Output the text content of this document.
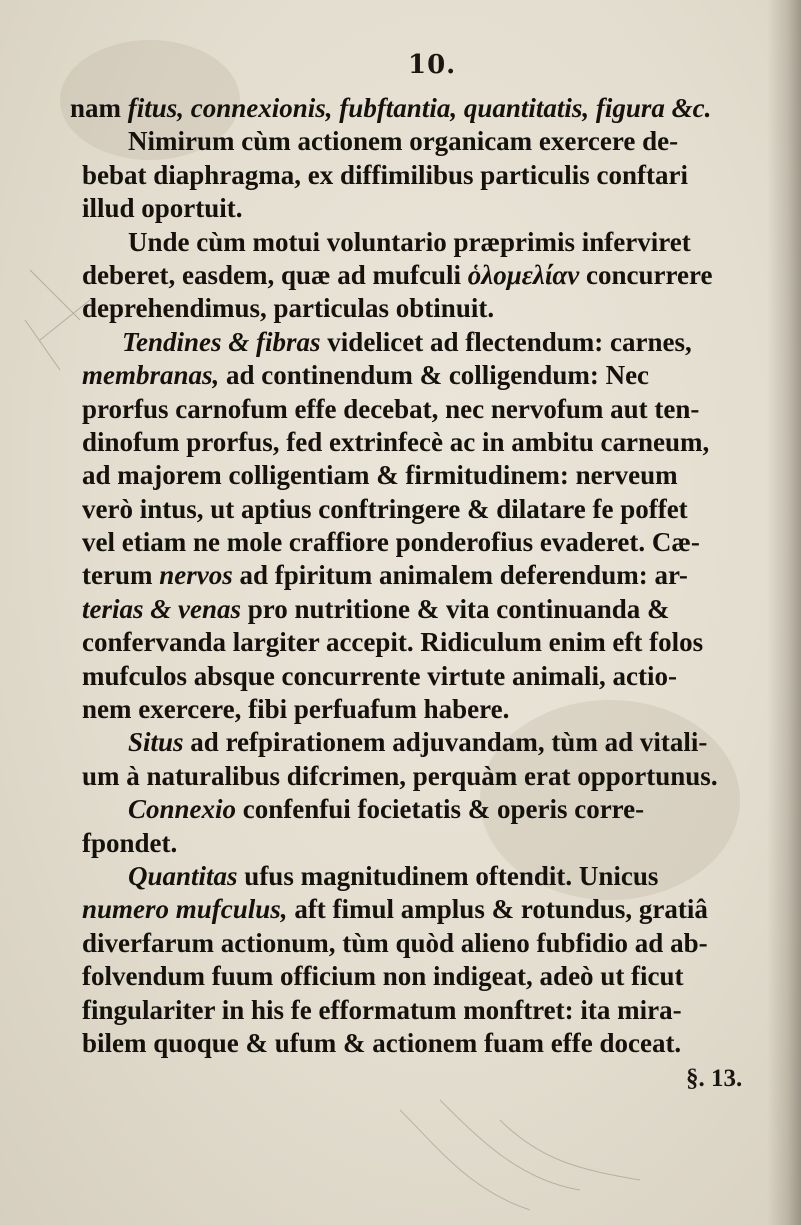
10.
nam fitus, connexionis, fubftantia, quantitatis, figura &c.
Nimirum cùm actionem organicam exercere de-
bebat diaphragma, ex diffimilibus particulis conftari
illud oportuit.
Unde cùm motui voluntario præprimis inferviret
deberet, easdem, quæ ad mufculi ὁλομελίαν concurrere
deprehendimus, particulas obtinuit.
Tendines & fibras videlicet ad flectendum: carnes,
membranas, ad continendum & colligendum: Nec
prorfus carnofum effe decebat, nec nervofum aut ten-
dinofum prorfus, fed extrinfecè ac in ambitu carneum,
ad majorem colligentiam & firmitudinem: nerveum
verò intus, ut aptius conftringere & dilatare fe poffet
vel etiam ne mole craffiore ponderofius evaderet. Cæ-
terum nervos ad fpiritum animalem deferendum: ar-
terias & venas pro nutritione & vita continuanda &
confervanda largiter accepit. Ridiculum enim eft folos
mufculos absque concurrente virtute animali, actio-
nem exercere, fibi perfuafum habere.
Situs ad refpirationem adjuvandam, tùm ad vitali-
um à naturalibus difcrimen, perquàm erat opportunus.
Connexio confenfui focietatis & operis corre-
fpondet.
Quantitas ufus magnitudinem oftendit. Unicus
numero mufculus, aft fimul amplus & rotundus, gratiâ
diverfarum actionum, tùm quòd alieno fubfidio ad ab-
folvendum fuum officium non indigeat, adeò ut ficut
fingulariter in his fe efformatum monftret: ita mira-
bilem quoque & ufum & actionem fuam effe doceat.
§. 13.
